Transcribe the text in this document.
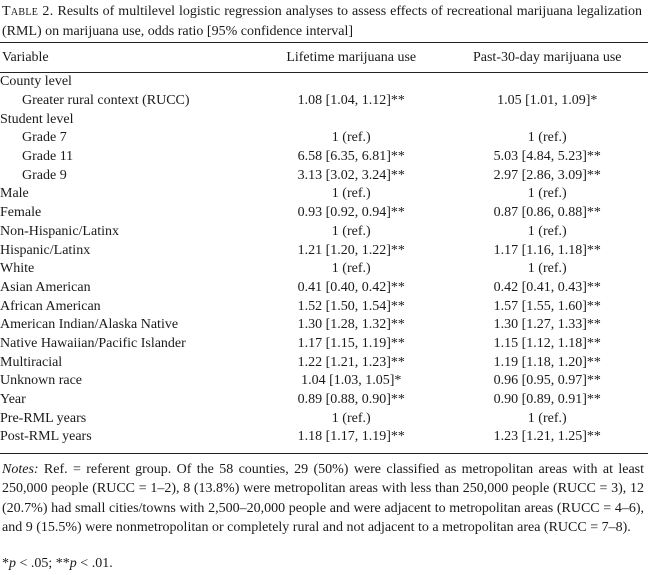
Table 2. Results of multilevel logistic regression analyses to assess effects of recreational marijuana legalization (RML) on marijuana use, odds ratio [95% confidence interval]
Variable	Lifetime marijuana use	Past-30-day marijuana use
County level		
Greater rural context (RUCC)	1.08 [1.04, 1.12]**	1.05 [1.01, 1.09]*
Student level		
Grade 7	1 (ref.)	1 (ref.)
Grade 11	6.58 [6.35, 6.81]**	5.03 [4.84, 5.23]**
Grade 9	3.13 [3.02, 3.24]**	2.97 [2.86, 3.09]**
Male	1 (ref.)	1 (ref.)
Female	0.93 [0.92, 0.94]**	0.87 [0.86, 0.88]**
Non-Hispanic/Latinx	1 (ref.)	1 (ref.)
Hispanic/Latinx	1.21 [1.20, 1.22]**	1.17 [1.16, 1.18]**
White	1 (ref.)	1 (ref.)
Asian American	0.41 [0.40, 0.42]**	0.42 [0.41, 0.43]**
African American	1.52 [1.50, 1.54]**	1.57 [1.55, 1.60]**
American Indian/Alaska Native	1.30 [1.28, 1.32]**	1.30 [1.27, 1.33]**
Native Hawaiian/Pacific Islander	1.17 [1.15, 1.19]**	1.15 [1.12, 1.18]**
Multiracial	1.22 [1.21, 1.23]**	1.19 [1.18, 1.20]**
Unknown race	1.04 [1.03, 1.05]*	0.96 [0.95, 0.97]**
Year	0.89 [0.88, 0.90]**	0.90 [0.89, 0.91]**
Pre-RML years	1 (ref.)	1 (ref.)
Post-RML years	1.18 [1.17, 1.19]**	1.23 [1.21, 1.25]**
Notes: Ref. = referent group. Of the 58 counties, 29 (50%) were classified as metropolitan areas with at least 250,000 people (RUCC = 1–2), 8 (13.8%) were metropolitan areas with less than 250,000 people (RUCC = 3), 12 (20.7%) had small cities/towns with 2,500–20,000 people and were adjacent to metropolitan areas (RUCC = 4–6), and 9 (15.5%) were nonmetropolitan or completely rural and not adjacent to a metropolitan area (RUCC = 7–8).
*p < .05; **p < .01.
